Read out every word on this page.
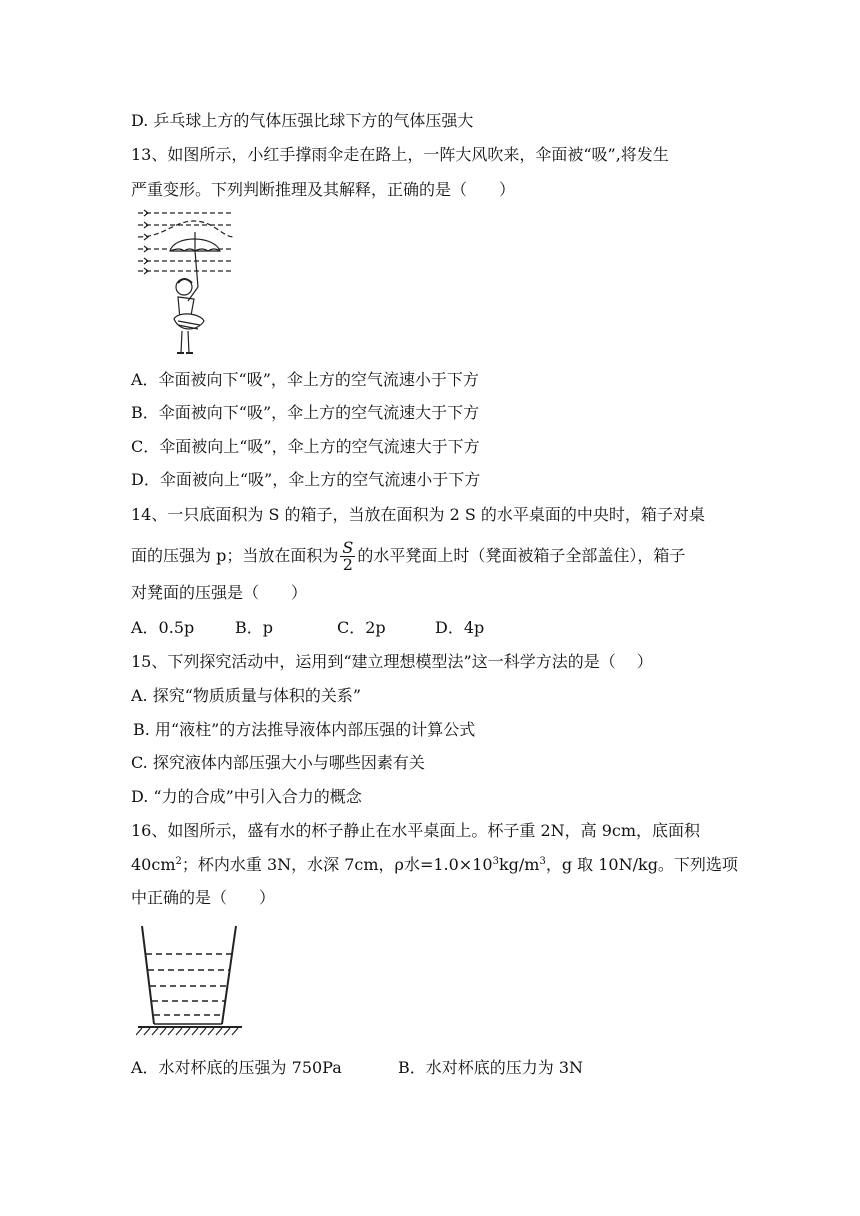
D. 乒乓球上方的气体压强比球下方的气体压强大
13、如图所示，小红手撑雨伞走在路上，一阵大风吹来，伞面被“吸”,将发生
严重变形。下列判断推理及其解释，正确的是（　　）
A．伞面被向下“吸”，伞上方的空气流速小于下方
B．伞面被向下“吸”，伞上方的空气流速大于下方
C．伞面被向上“吸”，伞上方的空气流速大于下方
D．伞面被向上“吸”，伞上方的空气流速小于下方
14、一只底面积为 S 的箱子，当放在面积为 2 S 的水平桌面的中央时，箱子对桌
面的压强为 p；当放在面积为 $\frac{S}{2}$ 的水平凳面上时（凳面被箱子全部盖住），箱子
对凳面的压强是（　　）
A．0.5p	B．p	C．2p	D．4p
15、下列探究活动中，运用到“建立理想模型法”这一科学方法的是（　 ）
A. 探究“物质质量与体积的关系”
B. 用“液柱”的方法推导液体内部压强的计算公式
C. 探究液体内部压强大小与哪些因素有关
D. “力的合成”中引入合力的概念
16、如图所示，盛有水的杯子静止在水平桌面上。杯子重 2N，高 9cm，底面积
$40cm^2$；杯内水重 3N，水深 7cm，ρ水$=1.0\times 10^3kg/m^3$，g 取 10N/kg。下列选项
中正确的是（　　）
A．水对杯底的压强为 750Pa	B．水对杯底的压力为 3N
